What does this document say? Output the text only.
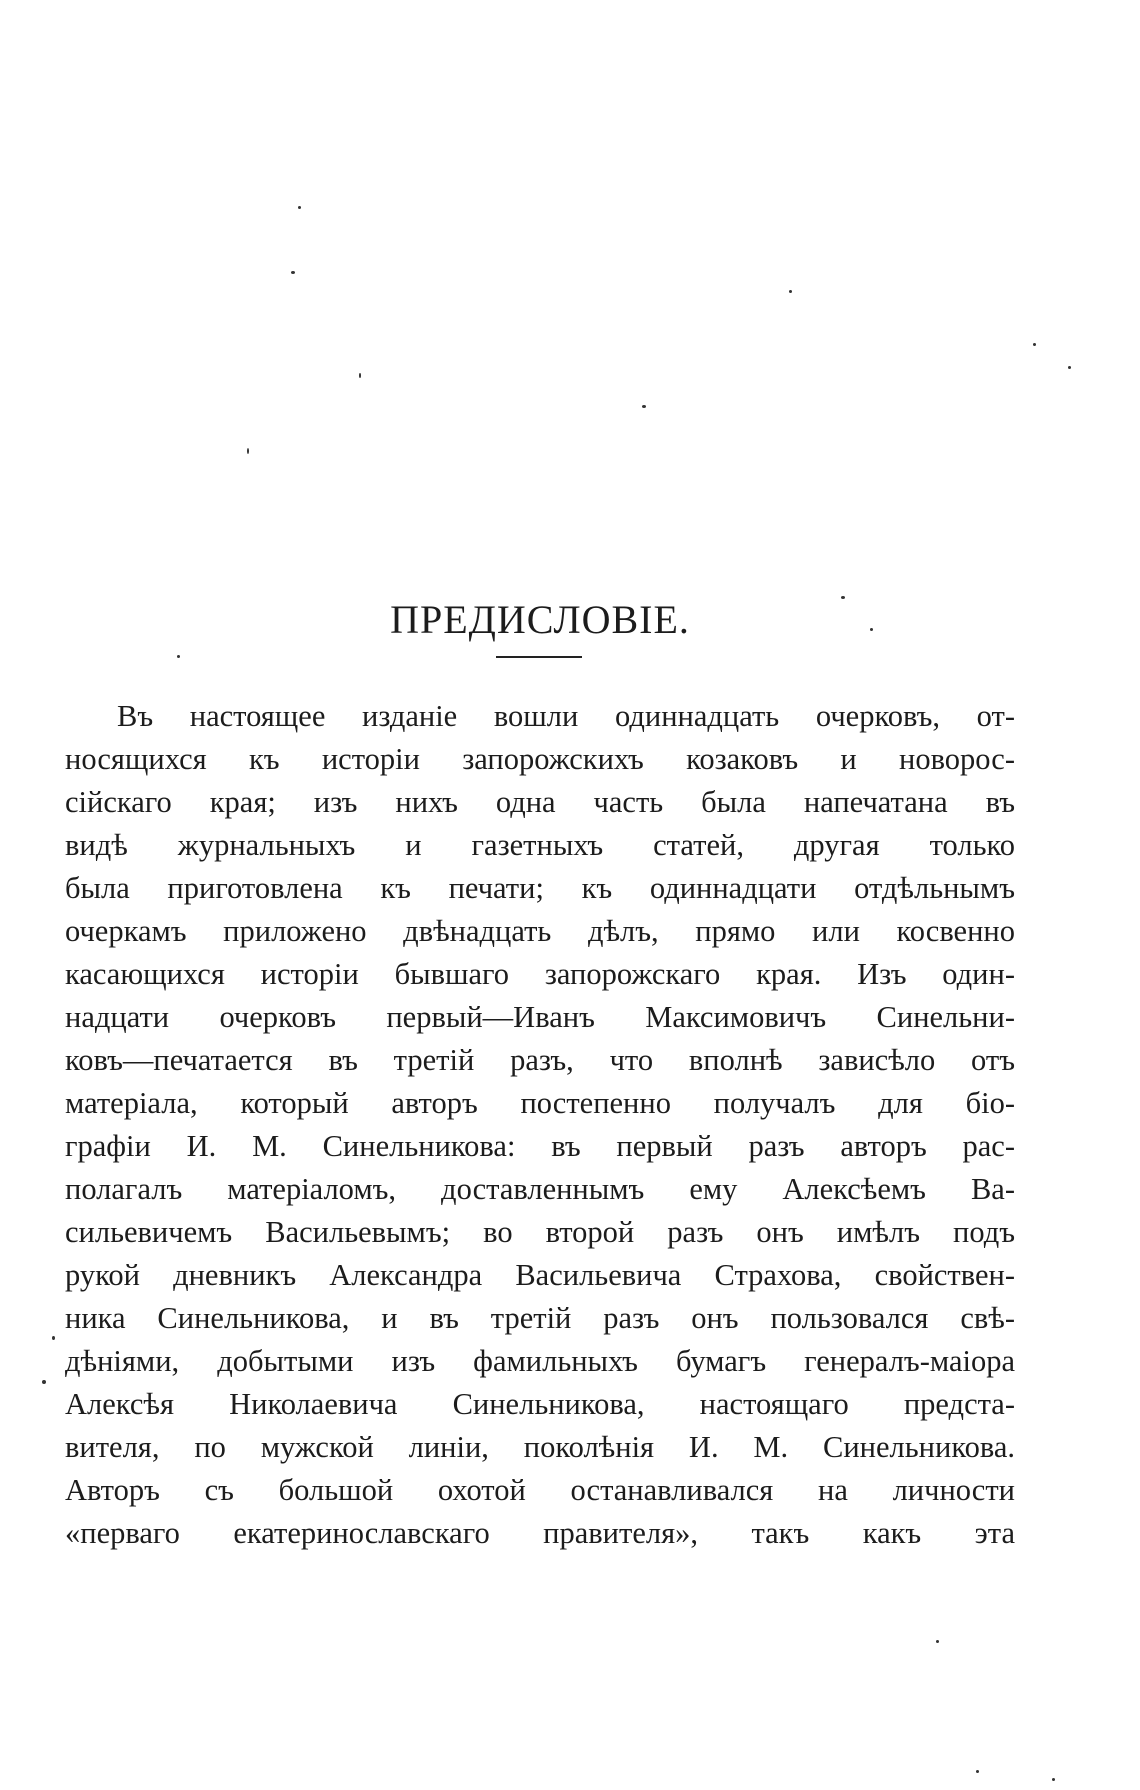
ПРЕДИСЛОВІЕ.
Въ настоящее изданіе вошли одиннадцать очерковъ, от-
носящихся къ исторіи запорожскихъ козаковъ и новорос-
сійскаго края; изъ нихъ одна часть была напечатана въ
видѣ журнальныхъ и газетныхъ статей, другая только
была приготовлена къ печати; къ одиннадцати отдѣльнымъ
очеркамъ приложено двѣнадцать дѣлъ, прямо или косвенно
касающихся исторіи бывшаго запорожскаго края. Изъ один-
надцати очерковъ первый—Иванъ Максимовичъ Синельни-
ковъ—печатается въ третій разъ, что вполнѣ зависѣло отъ
матеріала, который авторъ постепенно получалъ для біо-
графіи И. М. Синельникова: въ первый разъ авторъ рас-
полагалъ матеріаломъ, доставленнымъ ему Алексѣемъ Ва-
сильевичемъ Васильевымъ; во второй разъ онъ имѣлъ подъ
рукой дневникъ Александра Васильевича Страхова, свойствен-
ника Синельникова, и въ третій разъ онъ пользовался свѣ-
дѣніями, добытыми изъ фамильныхъ бумагъ генералъ-маіора
Алексѣя Николаевича Синельникова, настоящаго предста-
вителя, по мужской линіи, поколѣнія И. М. Синельникова.
Авторъ съ большой охотой останавливался на личности
«перваго екатеринославскаго правителя», такъ какъ эта
